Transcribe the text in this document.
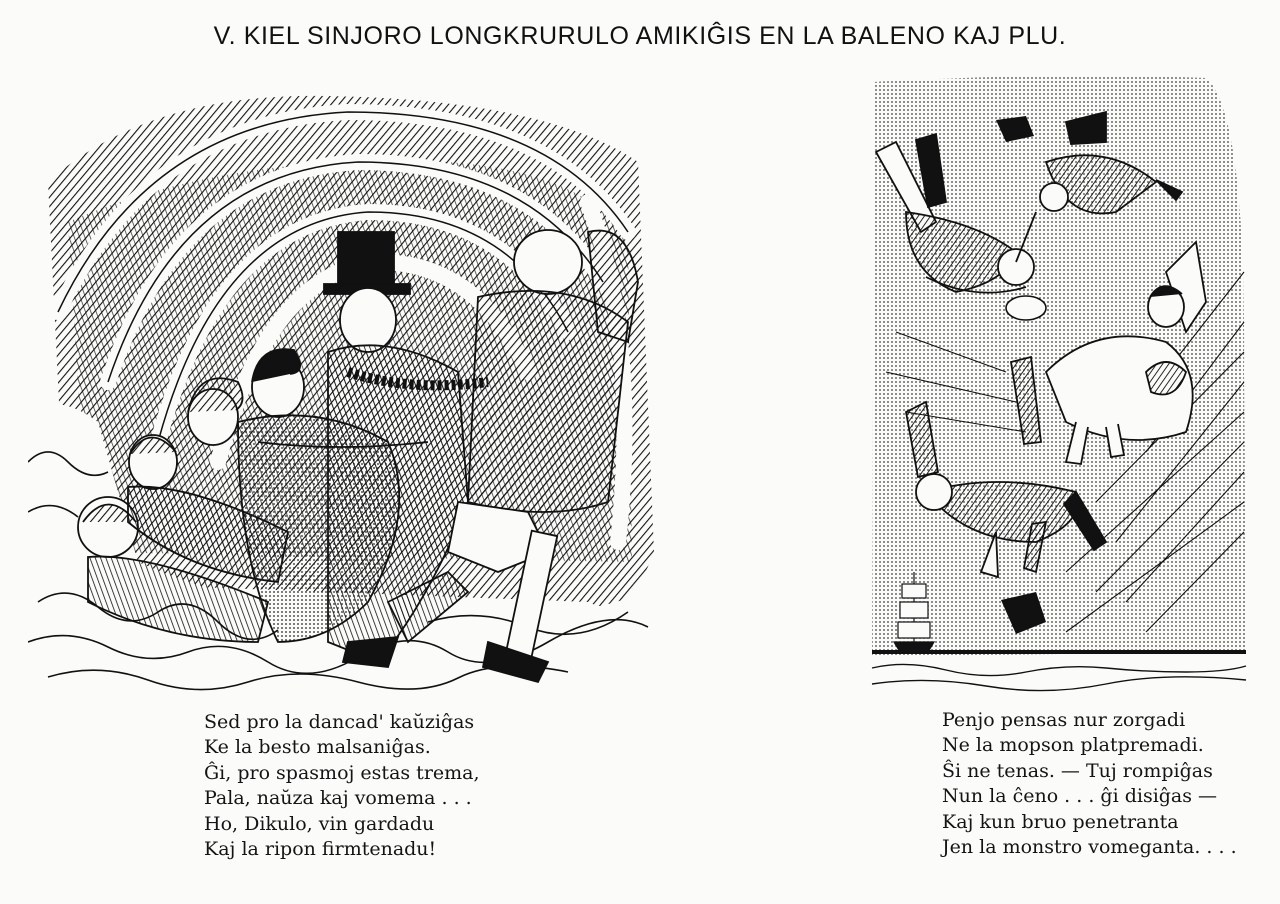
V. KIEL SINJORO LONGKRURULO AMIKIĜIS EN LA BALENO KAJ PLU.
Sed pro la dancad' kaŭziĝas
Ke la besto malsaniĝas.
Ĝi, pro spasmoj estas trema,
Pala, naŭza kaj vomema . . .
Ho, Dikulo, vin gardadu
Kaj la ripon firmtenadu!
Penjo pensas nur zorgadi
Ne la mopson platpremadi.
Ŝi ne tenas. — Tuj rompiĝas
Nun la ĉeno . . . ĝi disiĝas —
Kaj kun bruo penetranta
Jen la monstro vomeganta. . . .
